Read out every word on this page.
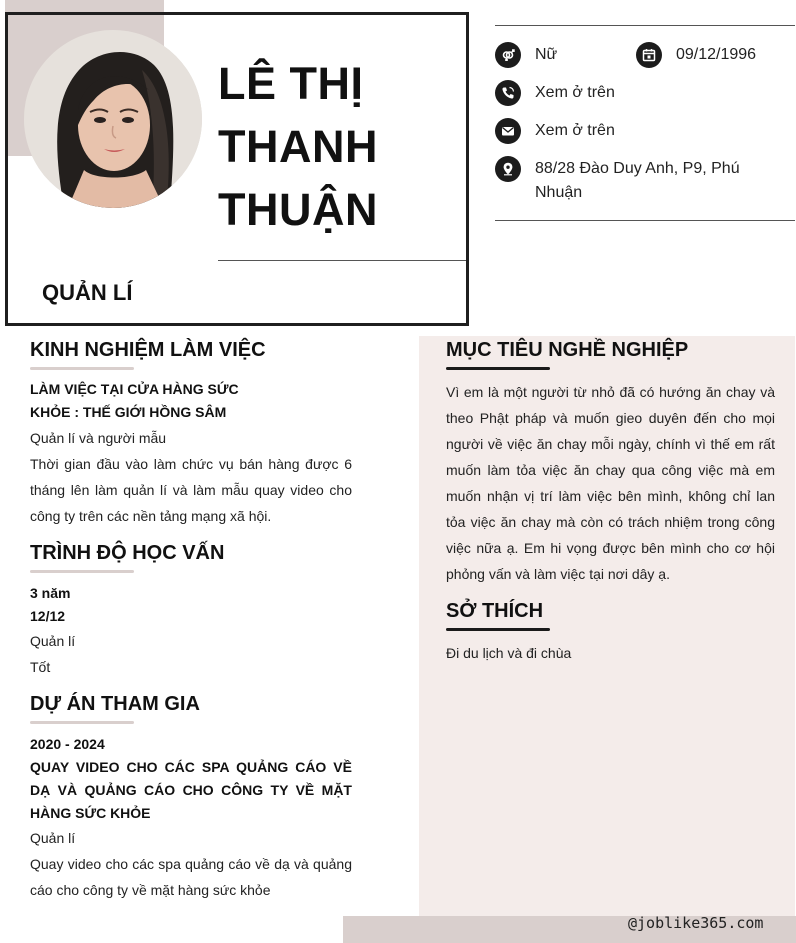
LÊ THỊ
THANH
THUẬN
QUẢN LÍ
Nữ	09/12/1996
Xem ở trên
Xem ở trên
88/28 Đào Duy Anh, P9, Phú Nhuận
@joblike365.com
KINH NGHIỆM LÀM VIỆC
LÀM VIỆC TẠI CỬA HÀNG SỨC KHỎE : THẾ GIỚI HỒNG SÂM
Quản lí và người mẫu
Thời gian đầu vào làm chức vụ bán hàng được 6 tháng lên làm quản lí và làm mẫu quay video cho công ty trên các nền tảng mạng xã hội.
TRÌNH ĐỘ HỌC VẤN
3 năm
12/12
Quản lí
Tốt
DỰ ÁN THAM GIA
2020 - 2024
QUAY VIDEO CHO CÁC SPA QUẢNG CÁO VỀ DẠ VÀ QUẢNG CÁO CHO CÔNG TY VỀ MẶT HÀNG SỨC KHỎE
Quản lí
Quay video cho các spa quảng cáo về dạ và quảng cáo cho công ty về mặt hàng sức khỏe
MỤC TIÊU NGHỀ NGHIỆP
Vì em là một người từ nhỏ đã có hướng ăn chay và theo Phật pháp và muốn gieo duyên đến cho mọi người về việc ăn chay mỗi ngày, chính vì thế em rất muốn làm tỏa việc ăn chay qua công việc mà em muốn nhận vị trí làm việc bên mình, không chỉ lan tỏa việc ăn chay mà còn có trách nhiệm trong công việc nữa ạ. Em hi vọng được bên mình cho cơ hội phỏng vấn và làm việc tại nơi dây ạ.
SỞ THÍCH
Đi du lịch và đi chùa
